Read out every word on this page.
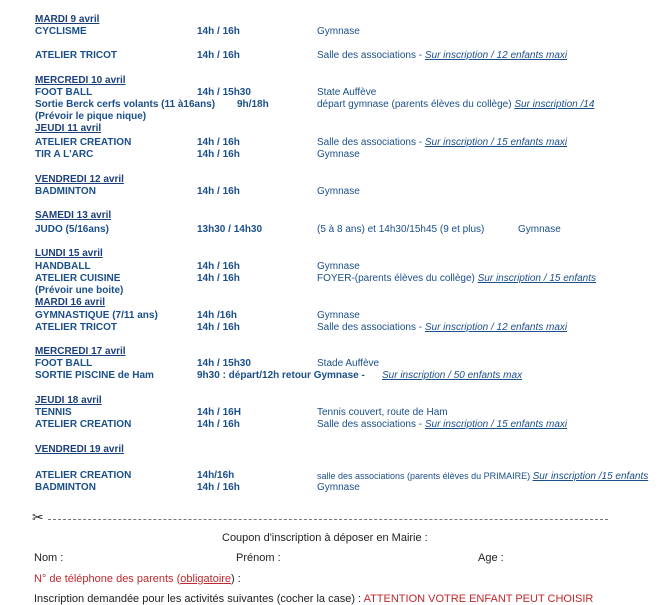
MARDI 9 avril
CYCLISME	14h / 16h	Gymnase
ATELIER TRICOT	14h / 16h	Salle des associations - Sur inscription / 12 enfants maxi
MERCREDI 10 avril
FOOT BALL	14h / 15h30	State Auffève
Sortie Berck cerfs volants (11 à16ans) 9h/18h	départ gymnase (parents élèves du collège) Sur inscription /14
(Prévoir le pique nique)
JEUDI 11 avril
ATELIER CREATION	14h / 16h	Salle des associations - Sur inscription / 15 enfants maxi
TIR A L'ARC	14h / 16h	Gymnase
VENDREDI 12 avril
BADMINTON	14h / 16h	Gymnase
SAMEDI 13 avril
JUDO (5/16ans)	13h30 / 14h30	(5 à 8 ans) et 14h30/15h45 (9 et plus)	Gymnase
LUNDI 15 avril
HANDBALL	14h / 16h	Gymnase
ATELIER CUISINE	14h / 16h	FOYER-(parents élèves du collège) Sur inscription / 15 enfants
(Prévoir une boite)
MARDI 16 avril
GYMNASTIQUE (7/11 ans)	14h /16h	Gymnase
ATELIER TRICOT	14h / 16h	Salle des associations - Sur inscription / 12 enfants maxi
MERCREDI 17 avril
FOOT BALL	14h / 15h30	Stade Auffève
SORTIE PISCINE de Ham	9h30 : départ/12h retour Gymnase - Sur inscription / 50 enfants max
JEUDI 18 avril
TENNIS	14h / 16H	Tennis couvert, route de Ham
ATELIER CREATION	14h / 16h	Salle des associations - Sur inscription / 15 enfants maxi
VENDREDI 19 avril
ATELIER CREATION	14h/16h	salle des associations (parents élèves du PRIMAIRE) Sur inscription /15 enfants
BADMINTON	14h / 16h	Gymnase
✂
Coupon d'inscription à déposer en Mairie :
Nom :	Prénom :	Age :
N° de téléphone des parents (obligatoire) :
Inscription demandée pour les activités suivantes (cocher la case) : ATTENTION VOTRE ENFANT PEUT CHOISIR
